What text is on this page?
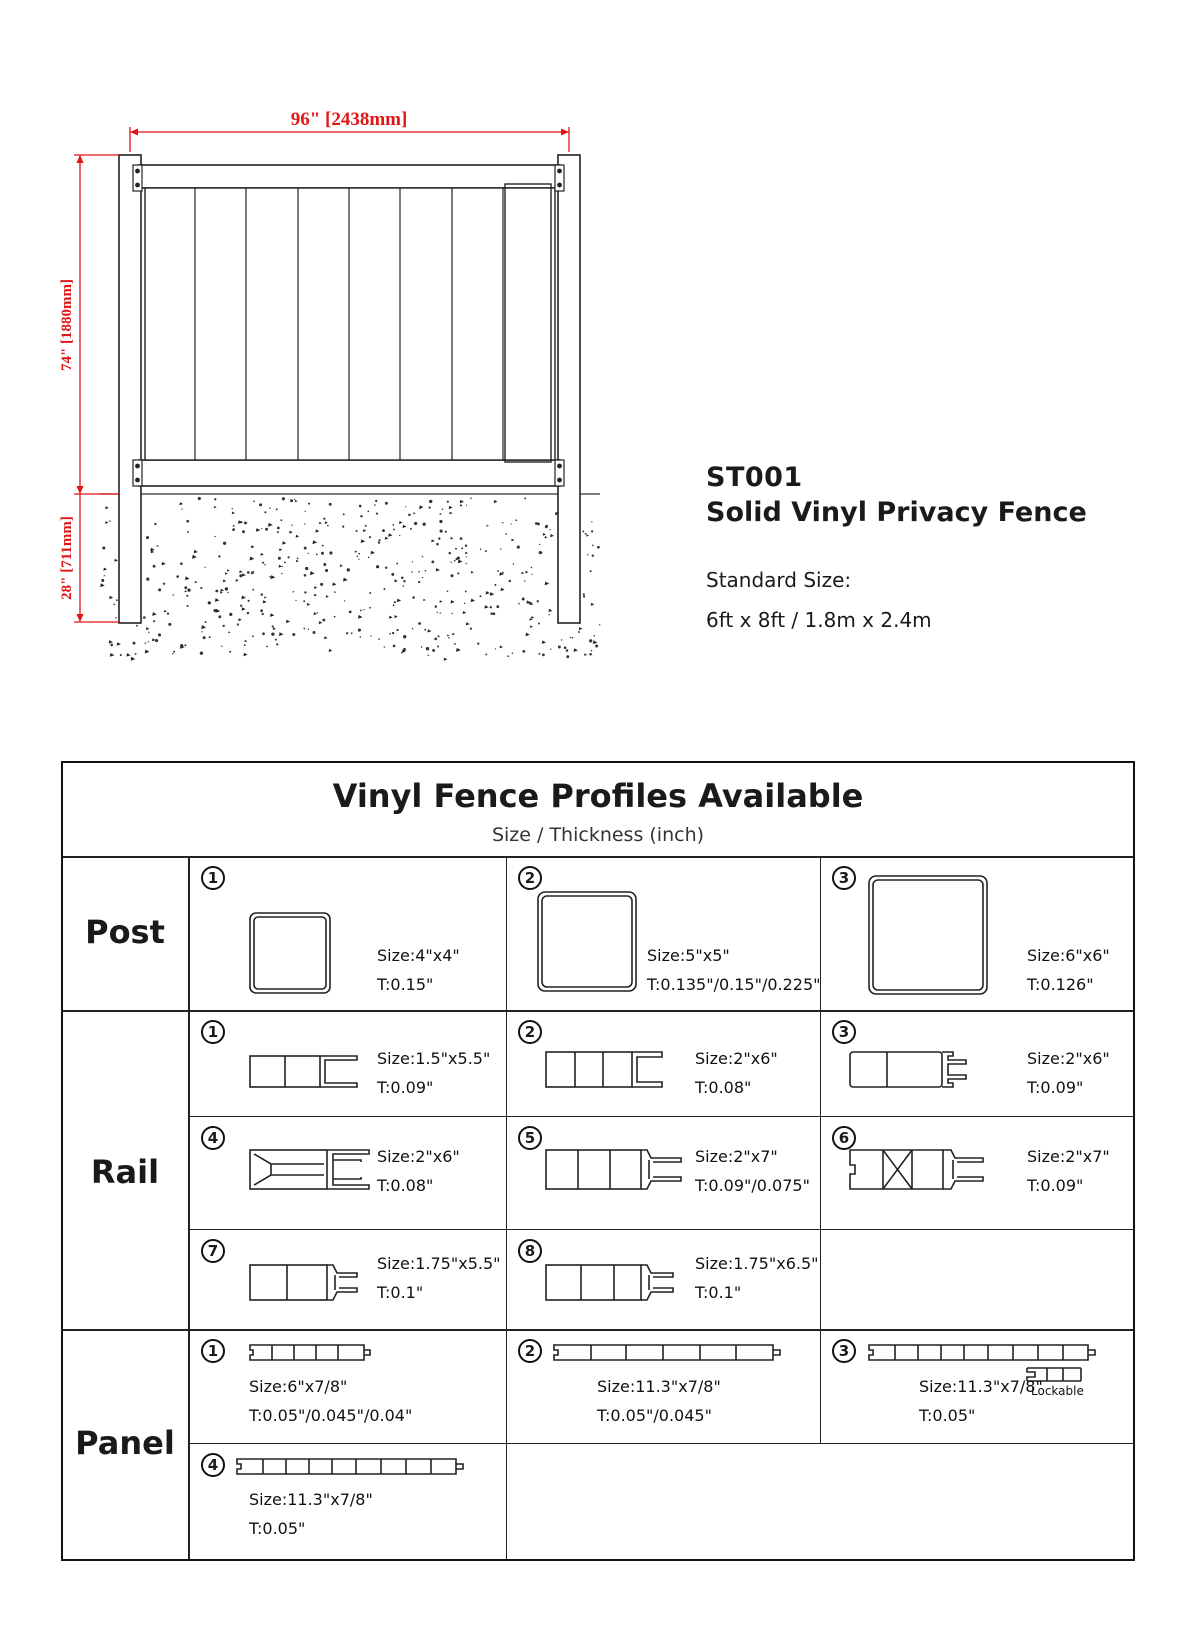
96" [2438mm]
74" [1880mm]
28" [711mm]
ST001
Solid Vinyl Privacy Fence
Standard Size:
6ft x 8ft / 1.8m x 2.4m
Vinyl Fence Profiles Available
Size / Thickness (inch)
Post
Rail
Panel
1
Size:4"x4"
T:0.15"
2
Size:5"x5"
T:0.135"/0.15"/0.225"
3
Size:6"x6"
T:0.126"
1
Size:1.5"x5.5"
T:0.09"
2
Size:2"x6"
T:0.08"
3
Size:2"x6"
T:0.09"
4
Size:2"x6"
T:0.08"
5
Size:2"x7"
T:0.09"/0.075"
6
Size:2"x7"
T:0.09"
7
Size:1.75"x5.5"
T:0.1"
8
Size:1.75"x6.5"
T:0.1"
1
Size:6"x7/8"
T:0.05"/0.045"/0.04"
2
Size:11.3"x7/8"
T:0.05"/0.045"
3
Size:11.3"x7/8"
Lockable
T:0.05"
4
Size:11.3"x7/8"
T:0.05"
